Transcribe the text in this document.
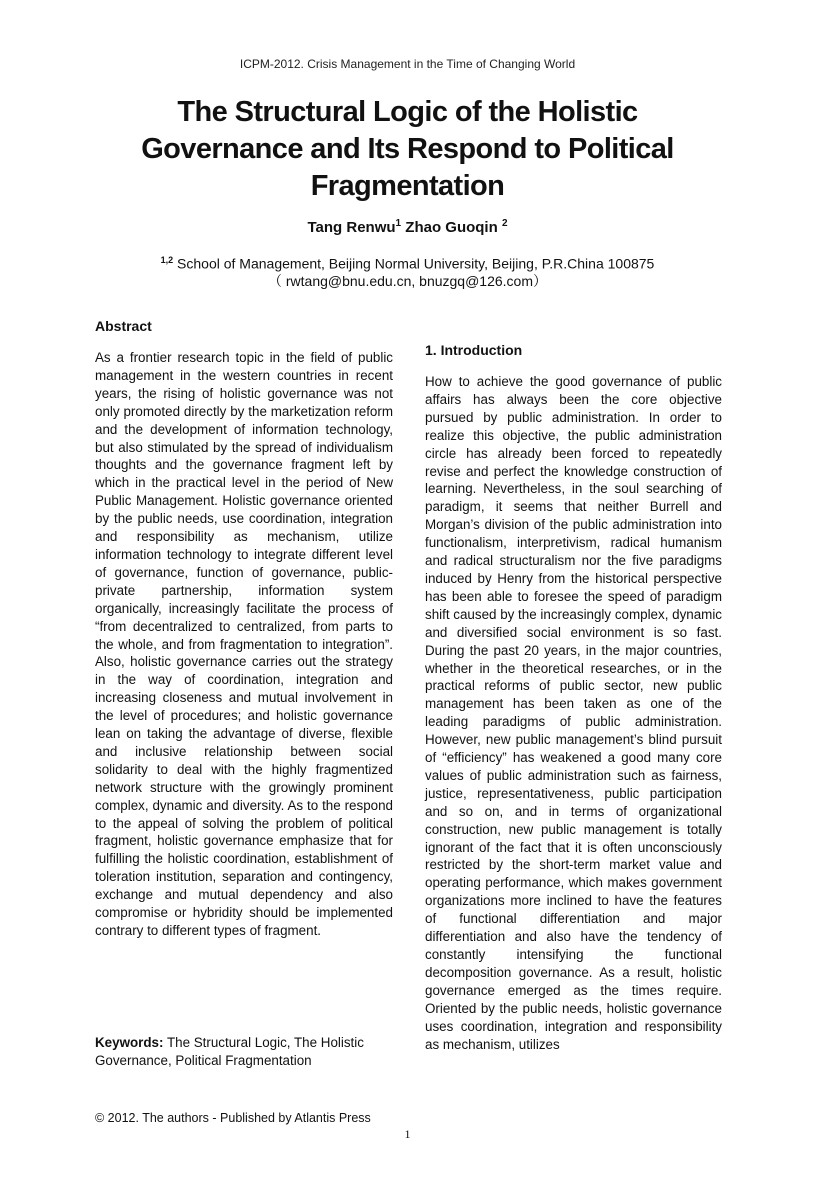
ICPM-2012. Crisis Management in the Time of Changing World
The Structural Logic of the Holistic
Governance and Its Respond to Political
Fragmentation
Tang Renwu$^1$ Zhao Guoqin $^2$
$^{1,2}$ School of Management, Beijing Normal University, Beijing, P.R.China 100875
（ rwtang@bnu.edu.cn, bnuzgq@126.com）
Abstract

As a frontier research topic in the field of public management in the western countries in recent years, the rising of holistic governance was not only promoted directly by the marketization reform and the development of information technology, but also stimulated by the spread of individualism thoughts and the governance fragment left by which in the practical level in the period of New Public Management. Holistic governance oriented by the public needs, use coordination, integration and responsibility as mechanism, utilize information technology to integrate different level of governance, function of governance, public-private partnership, information system organically, increasingly facilitate the process of “from decentralized to centralized, from parts to the whole, and from fragmentation to integration”. Also, holistic governance carries out the strategy in the way of coordination, integration and increasing closeness and mutual involvement in the level of procedures; and holistic governance lean on taking the advantage of diverse, flexible and inclusive relationship between social solidarity to deal with the highly fragmentized network structure with the growingly prominent complex, dynamic and diversity. As to the respond to the appeal of solving the problem of political fragment, holistic governance emphasize that for fulfilling the holistic coordination, establishment of toleration institution, separation and contingency, exchange and mutual dependency and also compromise or hybridity should be implemented contrary to different types of fragment.

Keywords: The Structural Logic, The Holistic Governance, Political Fragmentation

1. Introduction

How to achieve the good governance of public affairs has always been the core objective pursued by public administration. In order to realize this objective, the public administration circle has already been forced to repeatedly revise and perfect the knowledge construction of learning. Nevertheless, in the soul searching of paradigm, it seems that neither Burrell and Morgan’s division of the public administration into functionalism, interpretivism, radical humanism and radical structuralism nor the five paradigms induced by Henry from the historical perspective has been able to foresee the speed of paradigm shift caused by the increasingly complex, dynamic and diversified social environment is so fast. During the past 20 years, in the major countries, whether in the theoretical researches, or in the practical reforms of public sector, new public management has been taken as one of the leading paradigms of public administration. However, new public management’s blind pursuit of “efficiency” has weakened a good many core values of public administration such as fairness, justice, representativeness, public participation and so on, and in terms of organizational construction, new public management is totally ignorant of the fact that it is often unconsciously restricted by the short-term market value and operating performance, which makes government organizations more inclined to have the features of functional differentiation and major differentiation and also have the tendency of constantly intensifying the functional decomposition governance. As a result, holistic governance emerged as the times require. Oriented by the public needs, holistic governance uses coordination, integration and responsibility as mechanism, utilizes

© 2012. The authors - Published by Atlantis Press
1
